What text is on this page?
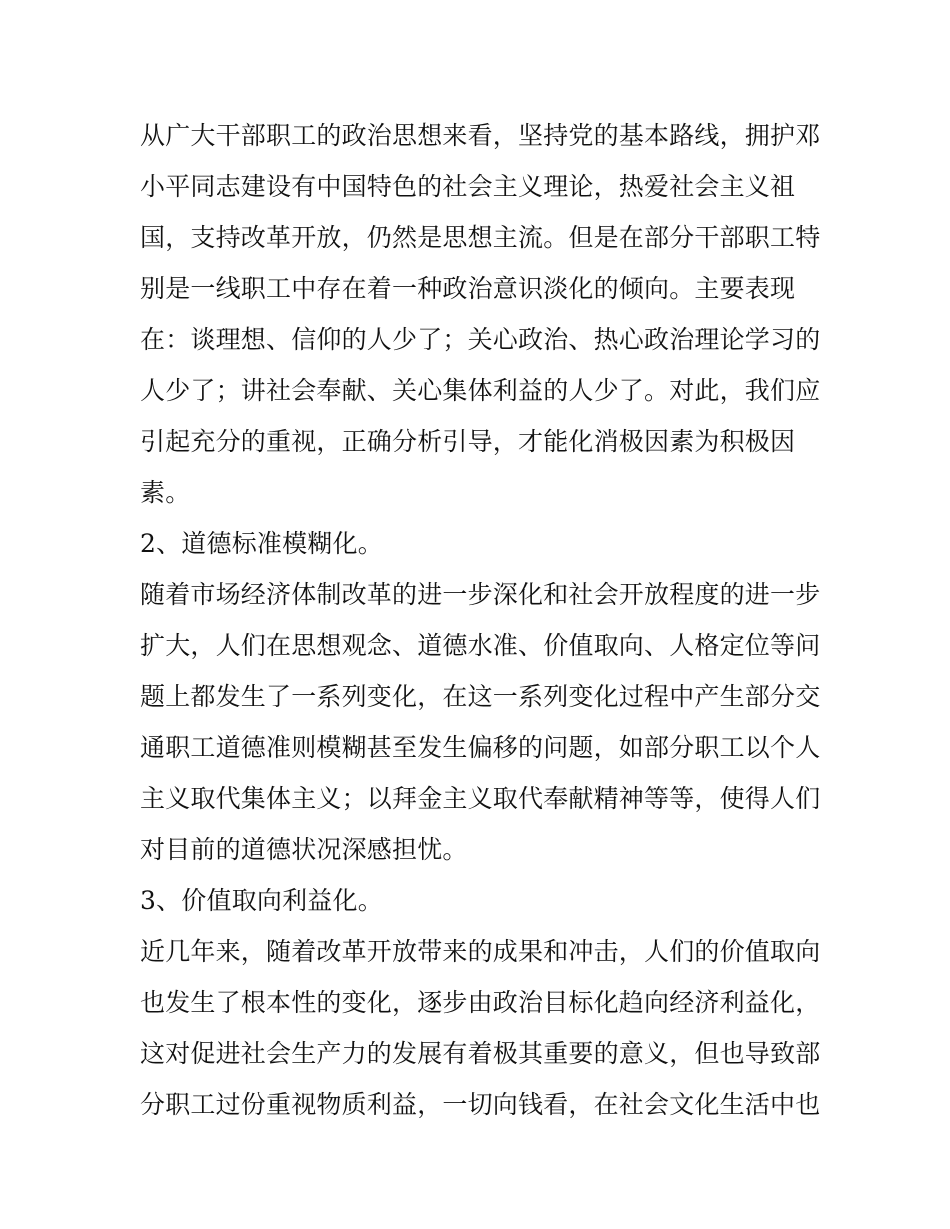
从广大干部职工的政治思想来看，坚持党的基本路线，拥护邓
小平同志建设有中国特色的社会主义理论，热爱社会主义祖
国，支持改革开放，仍然是思想主流。但是在部分干部职工特
别是一线职工中存在着一种政治意识淡化的倾向。主要表现
在：谈理想、信仰的人少了；关心政治、热心政治理论学习的
人少了；讲社会奉献、关心集体利益的人少了。对此，我们应
引起充分的重视，正确分析引导，才能化消极因素为积极因
素。
2、道德标准模糊化。
随着市场经济体制改革的进一步深化和社会开放程度的进一步
扩大，人们在思想观念、道德水准、价值取向、人格定位等问
题上都发生了一系列变化，在这一系列变化过程中产生部分交
通职工道德准则模糊甚至发生偏移的问题，如部分职工以个人
主义取代集体主义；以拜金主义取代奉献精神等等，使得人们
对目前的道德状况深感担忧。
3、价值取向利益化。
近几年来，随着改革开放带来的成果和冲击，人们的价值取向
也发生了根本性的变化，逐步由政治目标化趋向经济利益化，
这对促进社会生产力的发展有着极其重要的意义，但也导致部
分职工过份重视物质利益，一切向钱看，在社会文化生活中也
